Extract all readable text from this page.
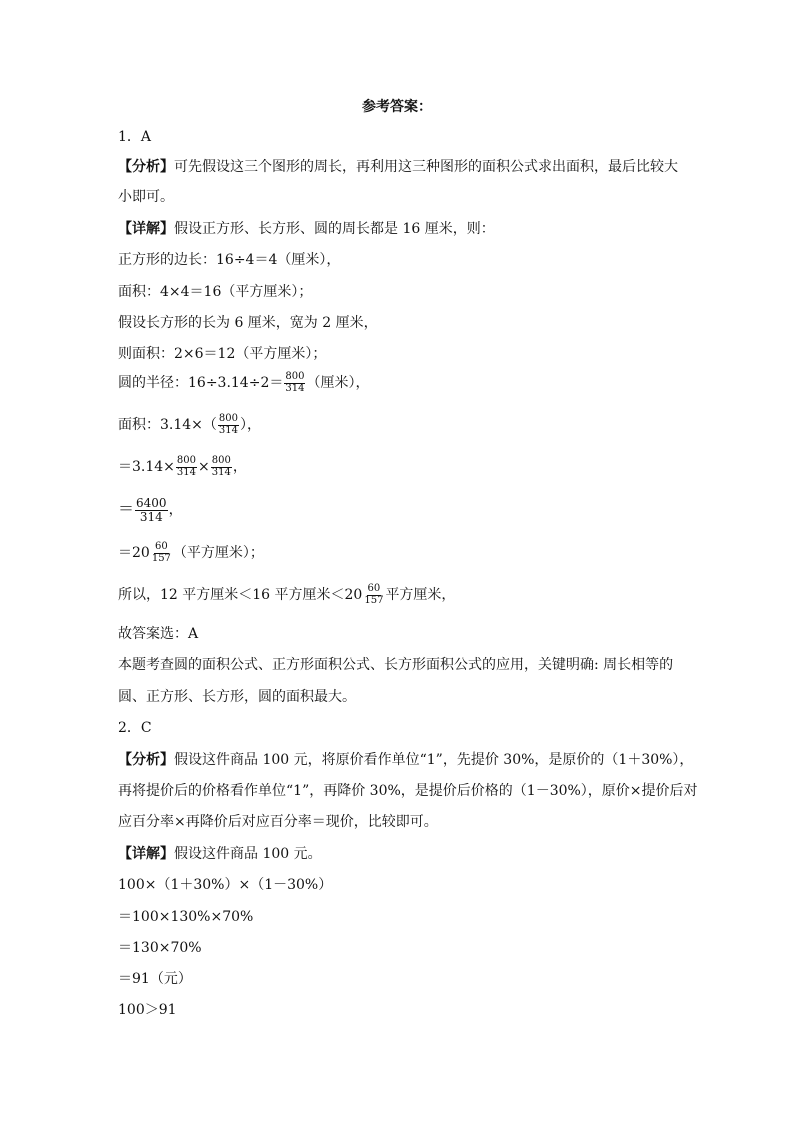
参考答案：
1．A
【分析】可先假设这三个图形的周长，再利用这三种图形的面积公式求出面积，最后比较大
小即可。
【详解】假设正方形、长方形、圆的周长都是 16 厘米，则：
正方形的边长：16÷4＝4（厘米），
面积：4×4＝16（平方厘米）；
假设长方形的长为 6 厘米，宽为 2 厘米，
则面积：2×6＝12（平方厘米）；
圆的半径：$16\div 3.14\div 2= \frac{800}{314}$ （厘米），
面积：$3.14\times( \frac{800}{314}$ ），
$=3.14\times \frac{800}{314} \times \frac{800}{314}$ ，
＝ $\frac{6400}{314}$ ，
$=20 \frac{60}{157}$ （平方厘米）；
所以，12 平方厘米＜16 平方厘米$<20 \frac{60}{157}$ 平方厘米，
故答案选：A
本题考查圆的面积公式、正方形面积公式、长方形面积公式的应用，关键明确: 周长相等的
圆、正方形、长方形，圆的面积最大。
2．C
【分析】假设这件商品 100 元，将原价看作单位“1”，先提价 30%，是原价的（1＋30%），
再将提价后的价格看作单位“1”，再降价 30%，是提价后价格的（1－30%），原价×提价后对
应百分率×再降价后对应百分率＝现价，比较即可。
【详解】假设这件商品 100 元。
100×（1＋30%）×（1－30%）
＝100×130%×70%
＝130×70%
＝91（元）
100＞91
